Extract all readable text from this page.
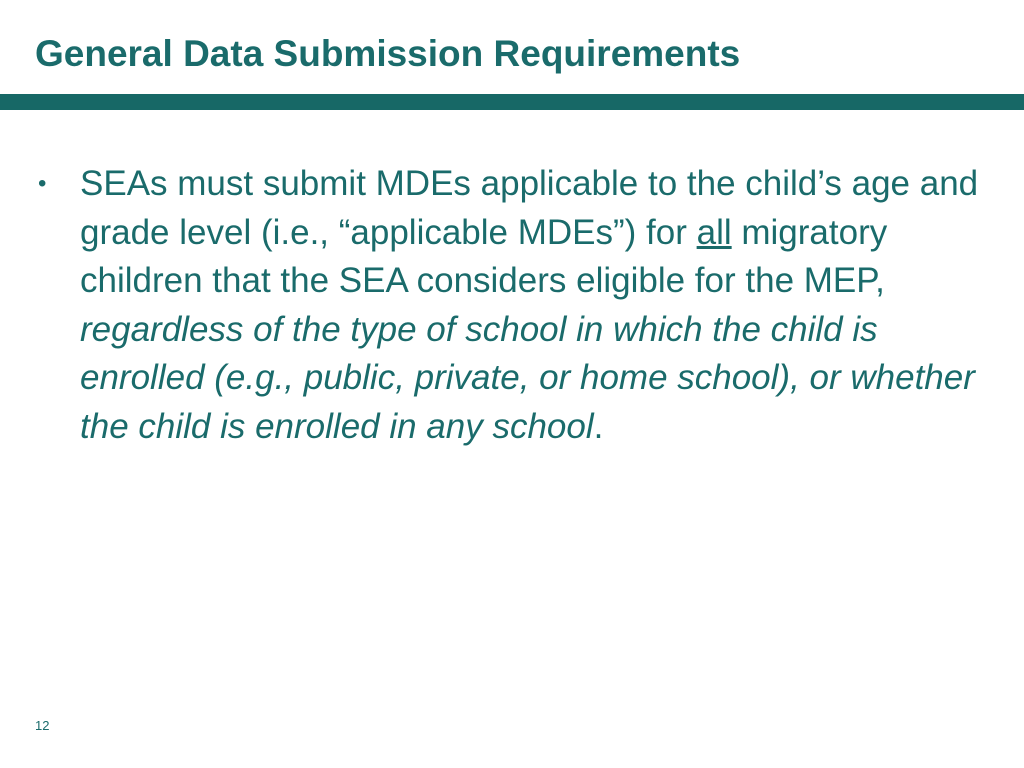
General Data Submission Requirements
• SEAs must submit MDEs applicable to the child’s age and grade level (i.e., “applicable MDEs”) for all migratory children that the SEA considers eligible for the MEP, regardless of the type of school in which the child is enrolled (e.g., public, private, or home school), or whether the child is enrolled in any school.
12
